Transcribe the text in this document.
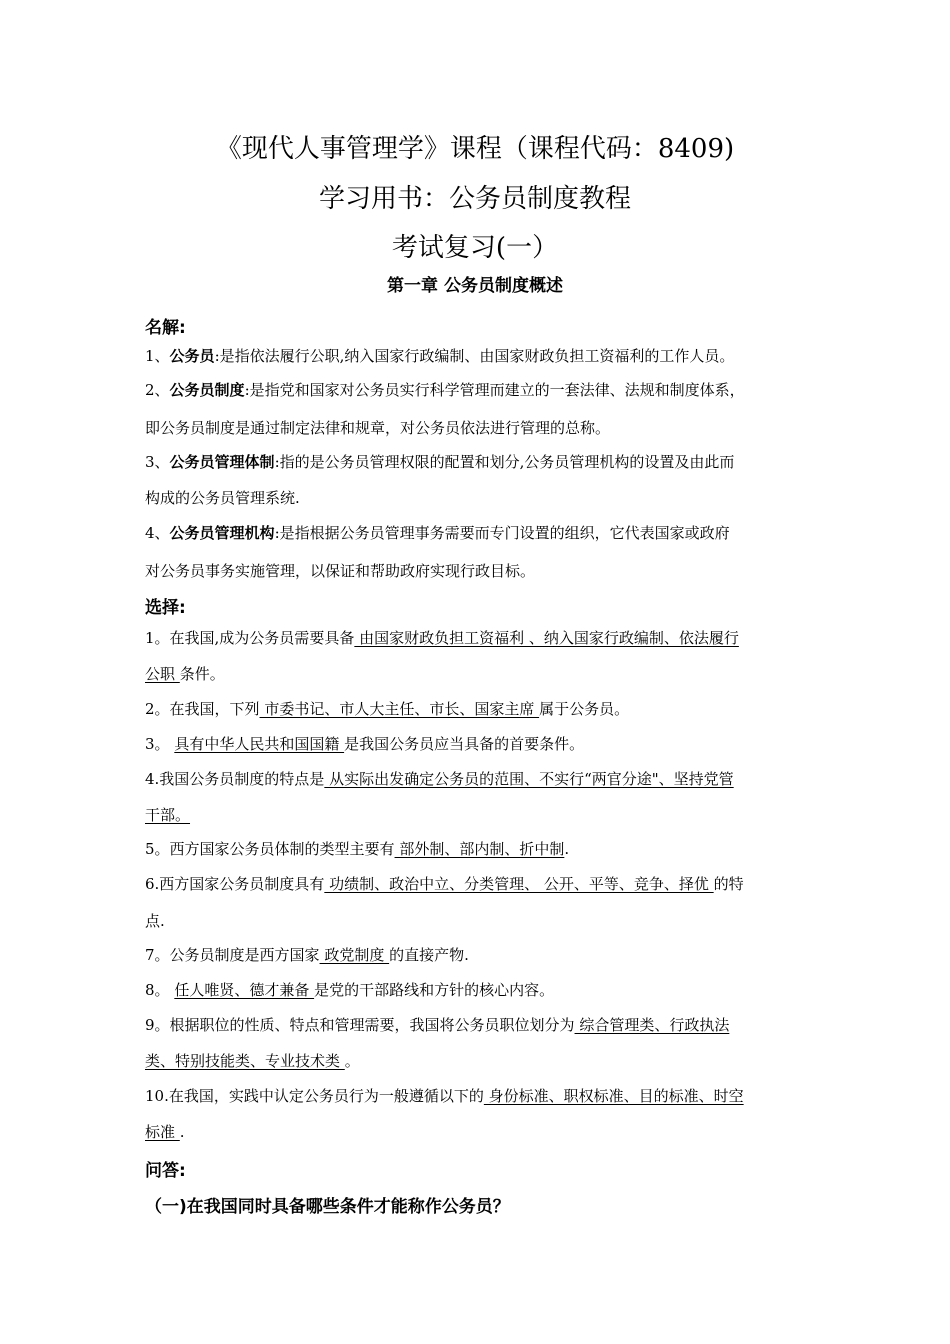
《现代人事管理学》课程（课程代码：8409)
学习用书：公务员制度教程
考试复习(一）
第一章 公务员制度概述
名解:
1、公务员:是指依法履行公职,纳入国家行政编制、由国家财政负担工资福利的工作人员。
2、公务员制度:是指党和国家对公务员实行科学管理而建立的一套法律、法规和制度体系，
即公务员制度是通过制定法律和规章，对公务员依法进行管理的总称。
3、公务员管理体制:指的是公务员管理权限的配置和划分,公务员管理机构的设置及由此而
构成的公务员管理系统.
4、公务员管理机构:是指根据公务员管理事务需要而专门设置的组织，它代表国家或政府
对公务员事务实施管理，以保证和帮助政府实现行政目标。
选择:
1。在我国,成为公务员需要具备 由国家财政负担工资福利 、纳入国家行政编制、依法履行
公职 条件。
2。在我国，下列 市委书记、市人大主任、市长、国家主席 属于公务员。
3。 具有中华人民共和国国籍 是我国公务员应当具备的首要条件。
4.我国公务员制度的特点是 从实际出发确定公务员的范围、不实行“两官分途"、坚持党管
干部。
5。西方国家公务员体制的类型主要有 部外制、部内制、折中制.
6.西方国家公务员制度具有 功绩制、政治中立、分类管理、 公开、平等、竞争、择优 的特
点.
7。公务员制度是西方国家 政党制度 的直接产物.
8。 任人唯贤、德才兼备 是党的干部路线和方针的核心内容。
9。根据职位的性质、特点和管理需要，我国将公务员职位划分为 综合管理类、行政执法
类、特别技能类、专业技术类 。
10.在我国，实践中认定公务员行为一般遵循以下的 身份标准、职权标准、目的标准、时空
标准 .
问答:
（一)在我国同时具备哪些条件才能称作公务员？
